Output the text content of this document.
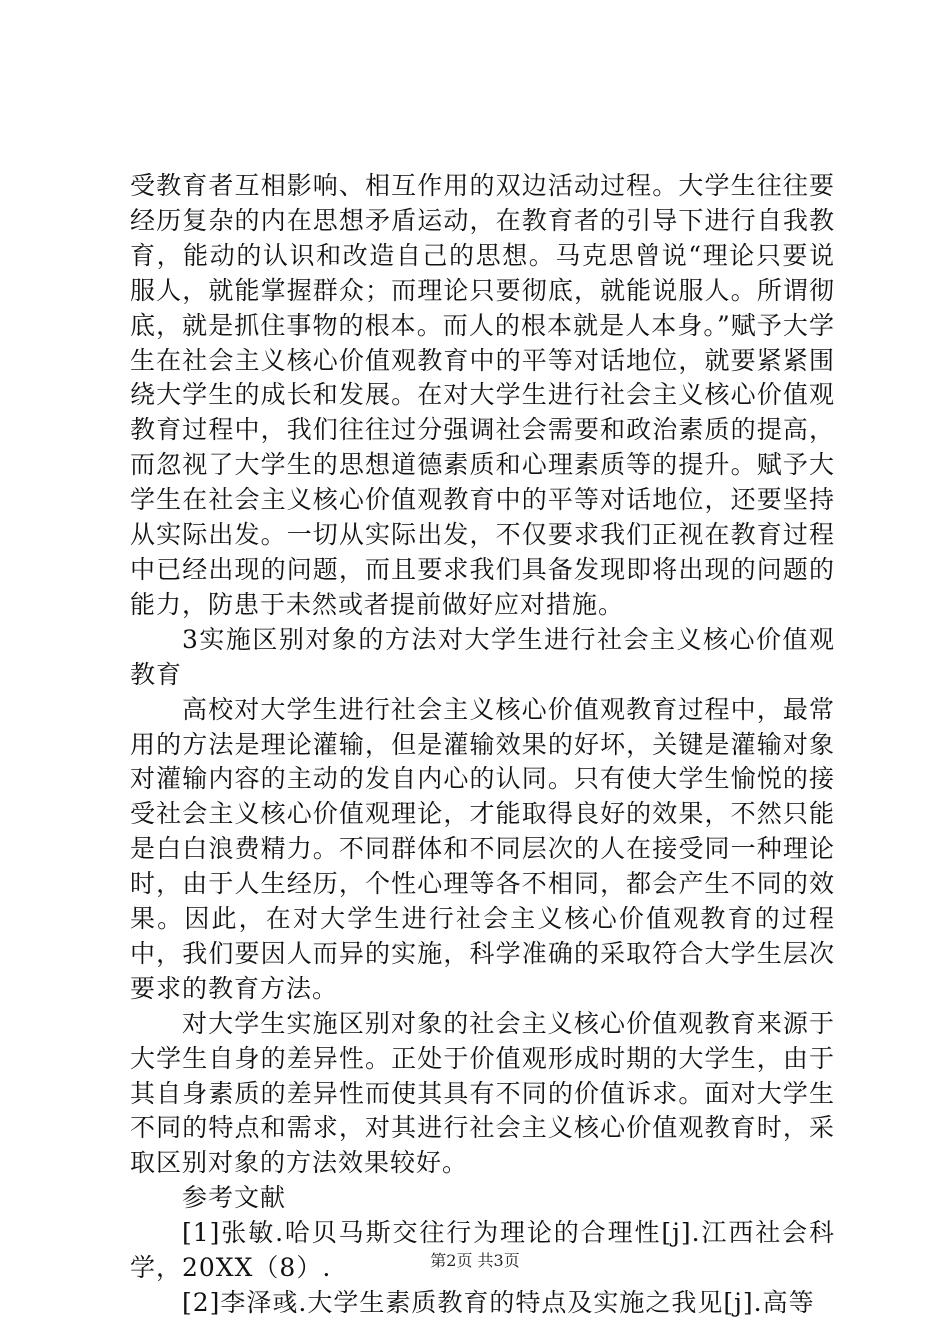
受教育者互相影响、相互作用的双边活动过程。大学生往往要经历复杂的内在思想矛盾运动，在教育者的引导下进行自我教育，能动的认识和改造自己的思想。马克思曾说“理论只要说服人，就能掌握群众；而理论只要彻底，就能说服人。所谓彻底，就是抓住事物的根本。而人的根本就是人本身。”赋予大学生在社会主义核心价值观教育中的平等对话地位，就要紧紧围绕大学生的成长和发展。在对大学生进行社会主义核心价值观教育过程中，我们往往过分强调社会需要和政治素质的提高，而忽视了大学生的思想道德素质和心理素质等的提升。赋予大学生在社会主义核心价值观教育中的平等对话地位，还要坚持从实际出发。一切从实际出发，不仅要求我们正视在教育过程中已经出现的问题，而且要求我们具备发现即将出现的问题的能力，防患于未然或者提前做好应对措施。

3实施区别对象的方法对大学生进行社会主义核心价值观教育

高校对大学生进行社会主义核心价值观教育过程中，最常用的方法是理论灌输，但是灌输效果的好坏，关键是灌输对象对灌输内容的主动的发自内心的认同。只有使大学生愉悦的接受社会主义核心价值观理论，才能取得良好的效果，不然只能是白白浪费精力。不同群体和不同层次的人在接受同一种理论时，由于人生经历，个性心理等各不相同，都会产生不同的效果。因此，在对大学生进行社会主义核心价值观教育的过程中，我们要因人而异的实施，科学准确的采取符合大学生层次要求的教育方法。

对大学生实施区别对象的社会主义核心价值观教育来源于大学生自身的差异性。正处于价值观形成时期的大学生，由于其自身素质的差异性而使其具有不同的价值诉求。面对大学生不同的特点和需求，对其进行社会主义核心价值观教育时，采取区别对象的方法效果较好。

参考文献

[1]张敏.哈贝马斯交往行为理论的合理性[j].江西社会科学，20XX（8）.

[2]李泽彧.大学生素质教育的特点及实施之我见[j].高等

第2页 共3页
